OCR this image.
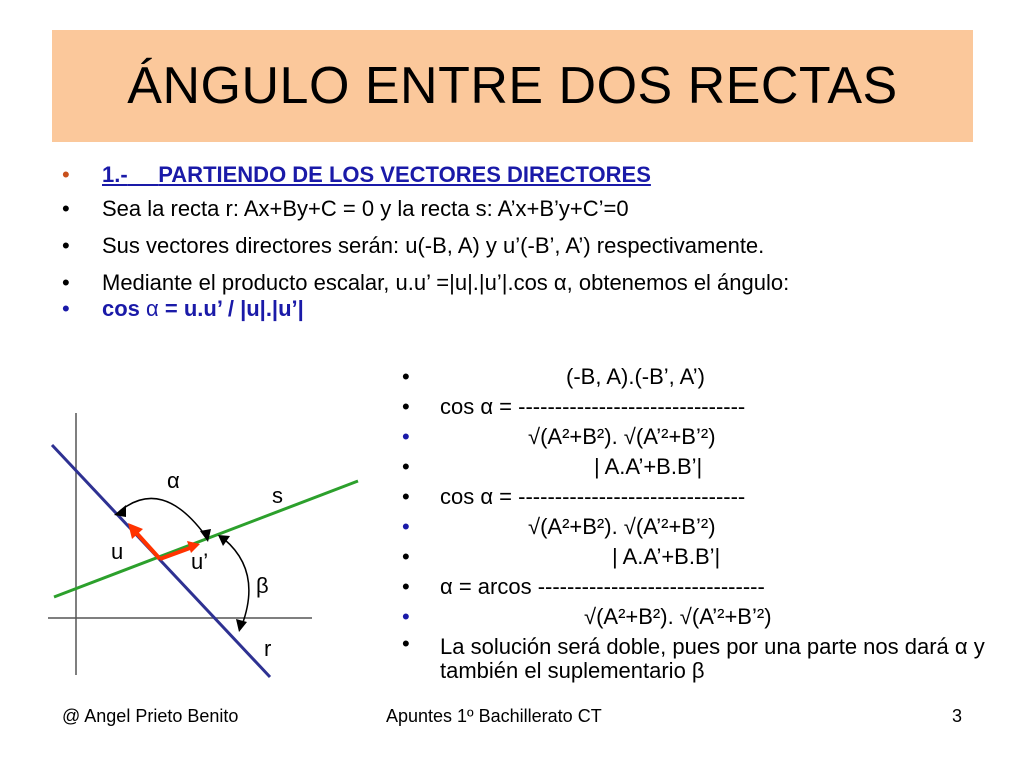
ÁNGULO ENTRE DOS RECTAS
• 1.- PARTIENDO DE LOS VECTORES DIRECTORES
• Sea la recta r: Ax+By+C = 0 y la recta s: A’x+B’y+C’=0
• Sus vectores directores serán: u(-B, A) y u’(-B’, A’) respectivamente.
• Mediante el producto escalar, u.u’ =|u|.|u’|.cos α, obtenemos el ángulo:
• cos α = u.u’ / |u|.|u’|
α
s
u	u’
β
r
•	(-B, A).(-B’, A’)
• cos α = -------------------------------
•	√(A²+B²). √(A’²+B’²)
•	| A.A’+B.B’|
• cos α = -------------------------------
•	√(A²+B²). √(A’²+B’²)
•	| A.A’+B.B’|
• α = arcos -------------------------------
•	√(A²+B²). √(A’²+B’²)
• La solución será doble, pues por una parte nos dará α y también el suplementario β
@ Angel Prieto Benito	Apuntes 1º Bachillerato CT	3
